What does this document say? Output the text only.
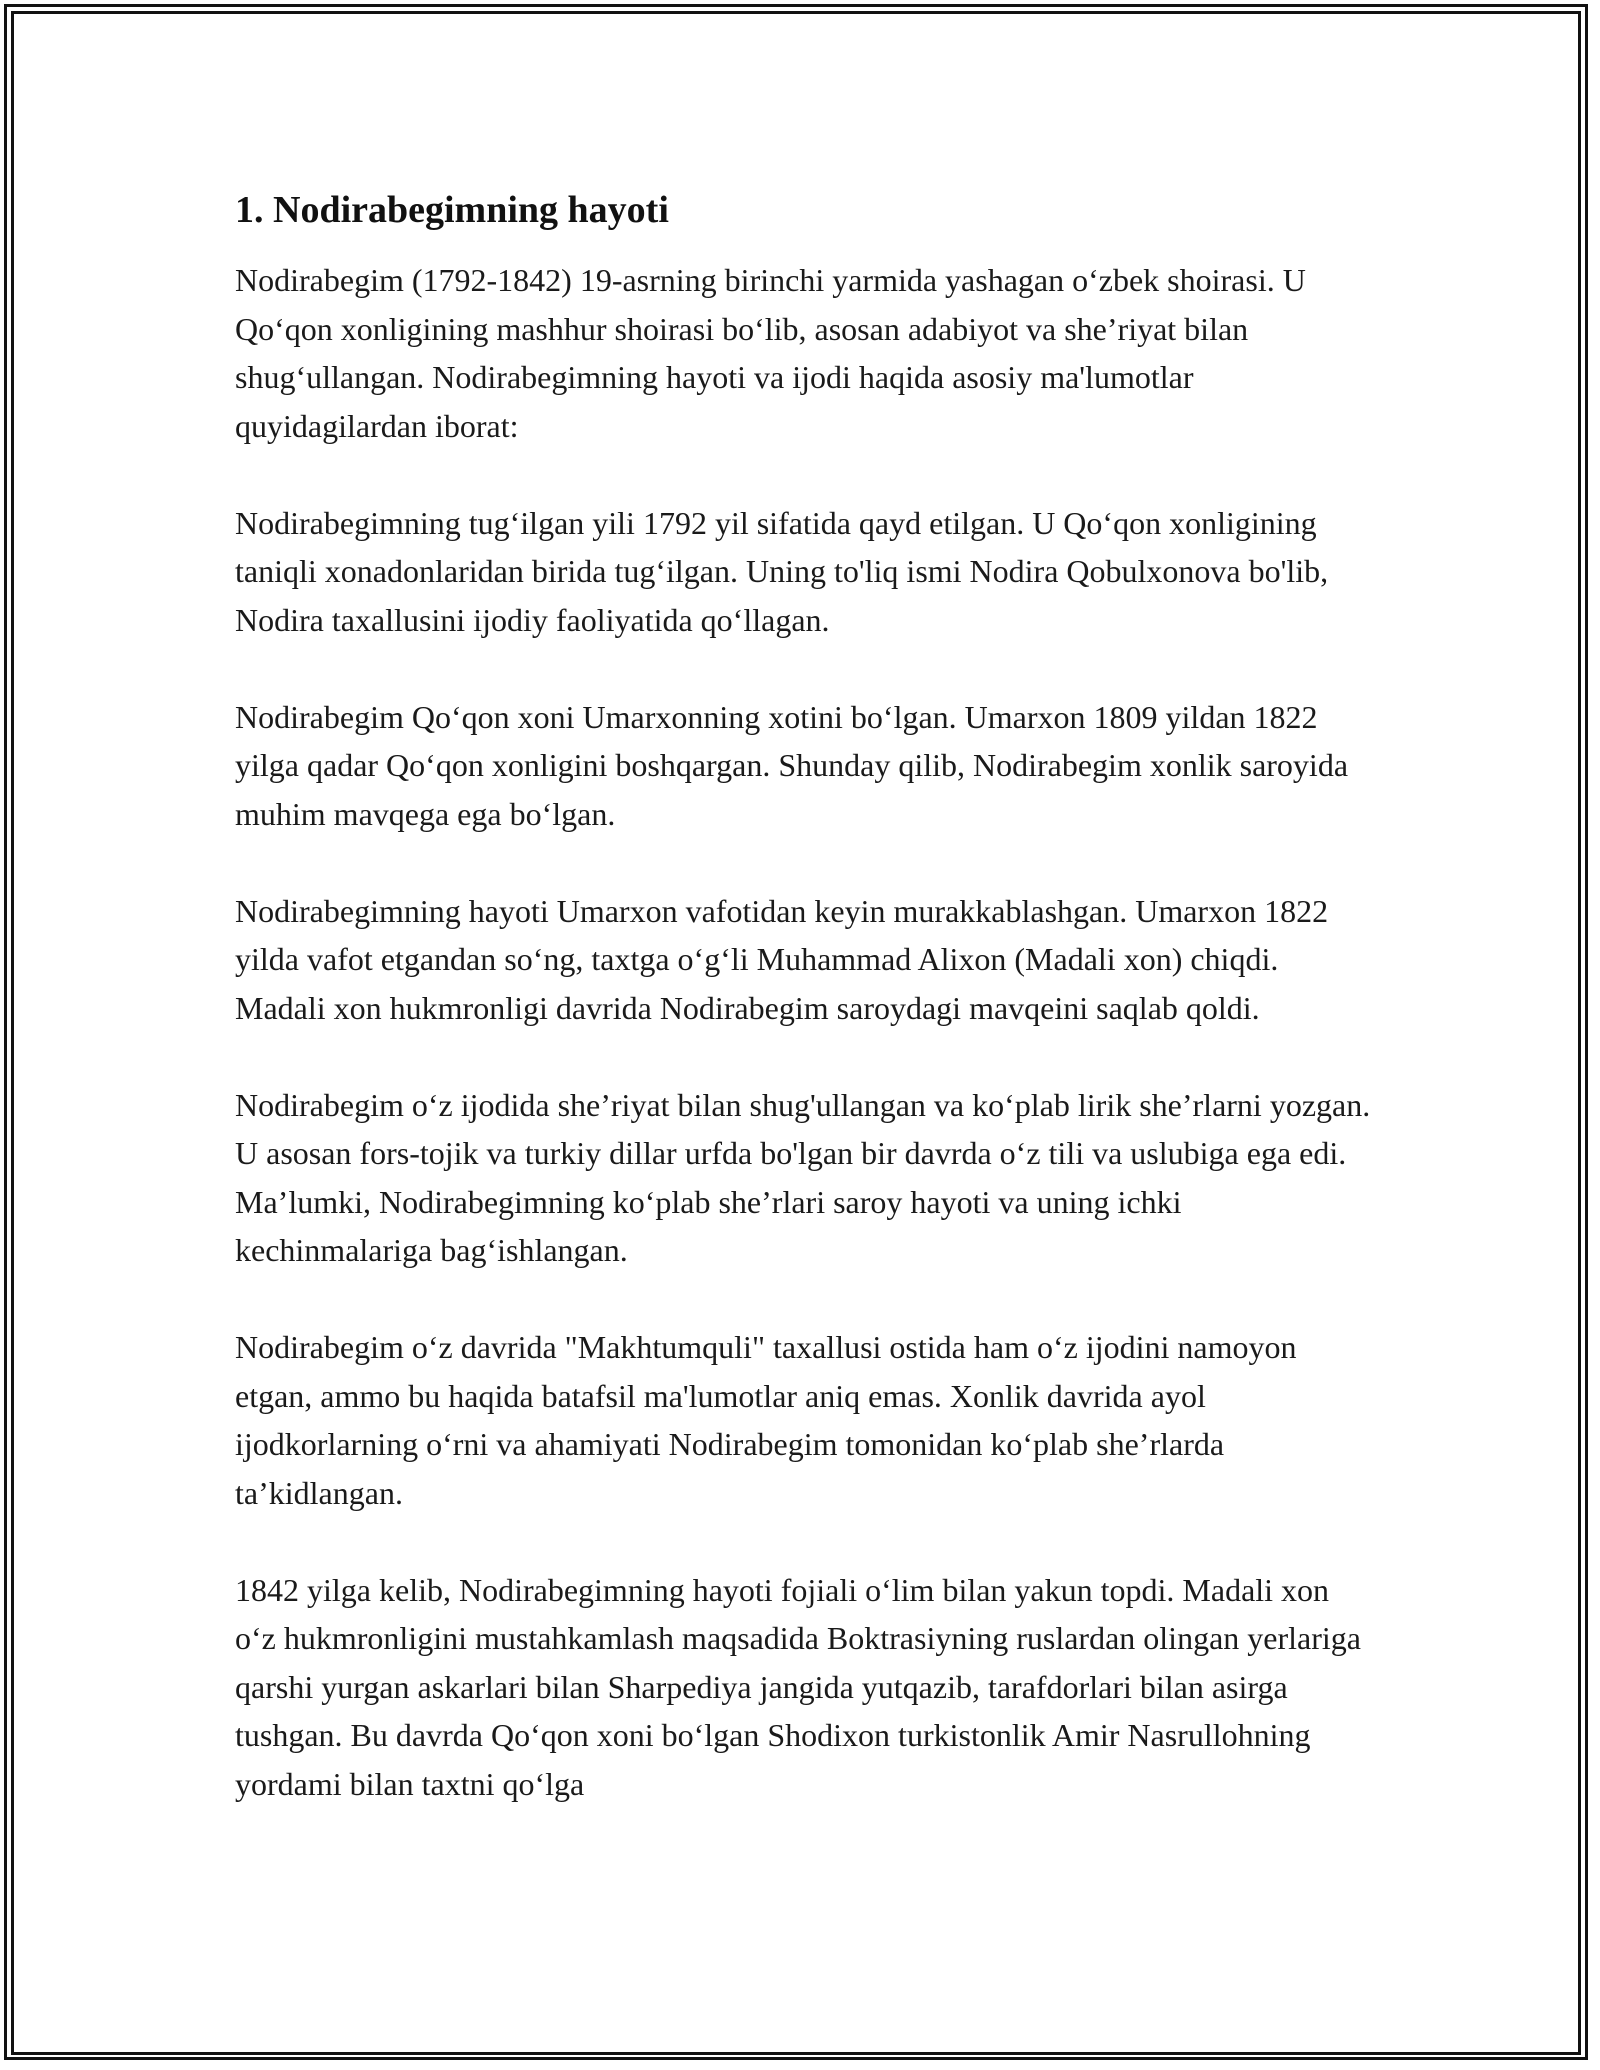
1. Nodirabegimning hayoti

Nodirabegim (1792-1842) 19-asrning birinchi yarmida yashagan o‘zbek shoirasi. U Qo‘qon xonligining mashhur shoirasi bo‘lib, asosan adabiyot va she’riyat bilan shug‘ullangan. Nodirabegimning hayoti va ijodi haqida asosiy ma'lumotlar quyidagilardan iborat:

Nodirabegimning tug‘ilgan yili 1792 yil sifatida qayd etilgan. U Qo‘qon xonligining taniqli xonadonlaridan birida tug‘ilgan. Uning to'liq ismi Nodira Qobulxonova bo'lib, Nodira taxallusini ijodiy faoliyatida qo‘llagan.

Nodirabegim Qo‘qon xoni Umarxonning xotini bo‘lgan. Umarxon 1809 yildan 1822 yilga qadar Qo‘qon xonligini boshqargan. Shunday qilib, Nodirabegim xonlik saroyida muhim mavqega ega bo‘lgan.

Nodirabegimning hayoti Umarxon vafotidan keyin murakkablashgan. Umarxon 1822 yilda vafot etgandan so‘ng, taxtga o‘g‘li Muhammad Alixon (Madali xon) chiqdi. Madali xon hukmronligi davrida Nodirabegim saroydagi mavqeini saqlab qoldi.

Nodirabegim o‘z ijodida she’riyat bilan shug'ullangan va ko‘plab lirik she’rlarni yozgan. U asosan fors-tojik va turkiy dillar urfda bo'lgan bir davrda o‘z tili va uslubiga ega edi. Ma’lumki, Nodirabegimning ko‘plab she’rlari saroy hayoti va uning ichki kechinmalariga bag‘ishlangan.

Nodirabegim o‘z davrida "Makhtumquli" taxallusi ostida ham o‘z ijodini namoyon etgan, ammo bu haqida batafsil ma'lumotlar aniq emas. Xonlik davrida ayol ijodkorlarning o‘rni va ahamiyati Nodirabegim tomonidan ko‘plab she’rlarda ta’kidlangan.

1842 yilga kelib, Nodirabegimning hayoti fojiali o‘lim bilan yakun topdi. Madali xon o‘z hukmronligini mustahkamlash maqsadida Boktrasiyning ruslardan olingan yerlariga qarshi yurgan askarlari bilan Sharpediya jangida yutqazib, tarafdorlari bilan asirga tushgan. Bu davrda Qo‘qon xoni bo‘lgan Shodixon turkistonlik Amir Nasrullohning yordami bilan taxtni qo‘lga
